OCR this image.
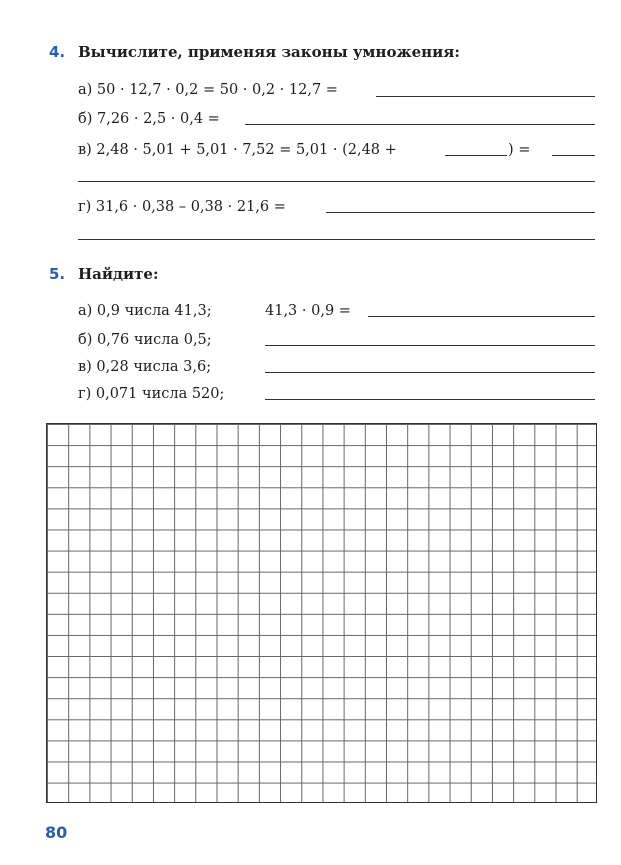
4. Вычислите, применяя законы умножения:
а) 50 · 12,7 · 0,2 = 50 · 0,2 · 12,7 =
б) 7,26 · 2,5 · 0,4 =
в) 2,48 · 5,01 + 5,01 · 7,52 = 5,01 · (2,48 +	) =
г) 31,6 · 0,38 – 0,38 · 21,6 =
5. Найдите:
а) 0,9 числа 41,3;	41,3 · 0,9 =
б) 0,76 числа 0,5;
в) 0,28 числа 3,6;
г) 0,071 числа 520;
80
